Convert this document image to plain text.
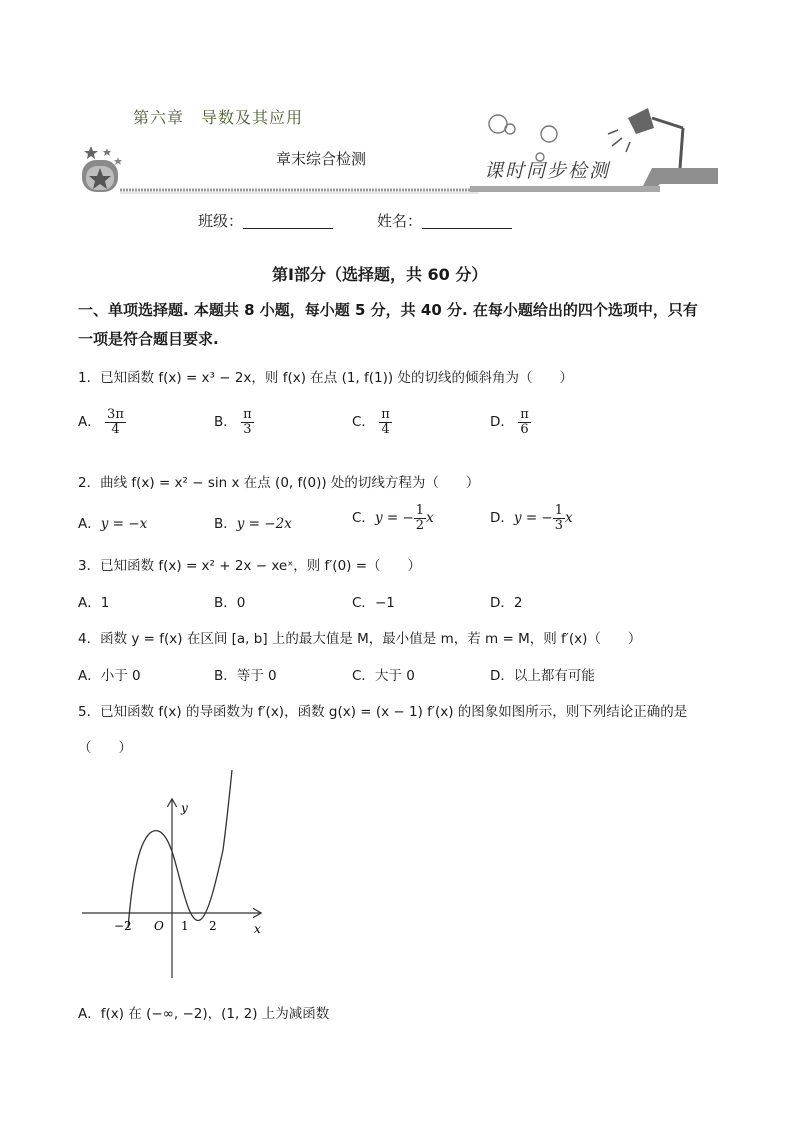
第六章　导数及其应用
章末综合检测
课时同步检测
班级：	姓名：
第Ⅰ部分（选择题，共 60 分）
一、单项选择题. 本题共 8 小题，每小题 5 分，共 40 分. 在每小题给出的四个选项中，只有
一项是符合题目要求.
1．已知函数 f(x) = x³ − 2x，则 f(x) 在点 (1, f(1)) 处的切线的倾斜角为（　　）
A． $\frac{3\pi}{4}$	B． $\frac{\pi}{3}$	C． $\frac{\pi}{4}$	D． $\frac{\pi}{6}$
2．曲线 f(x) = x² − sin x 在点 (0, f(0)) 处的切线方程为（　　）
A．y = −x	B．y = −2x	C．y = − $\frac{1}{2}$ x	D．y = − $\frac{1}{3}$ x
3．已知函数 f(x) = x² + 2x − xeˣ，则 f′(0) =（　　）
A．1	B．0	C．−1	D．2
4．函数 y = f(x) 在区间 [a, b] 上的最大值是 M，最小值是 m，若 m = M，则 f′(x)（　　）
A．小于 0	B．等于 0	C．大于 0	D．以上都有可能
5．已知函数 f(x) 的导函数为 f′(x)，函数 g(x) = (x − 1) f′(x) 的图象如图所示，则下列结论正确的是
（　　）
y
x
O
−2	1 2
A．f(x) 在 (−∞, −2)，(1, 2) 上为减函数
